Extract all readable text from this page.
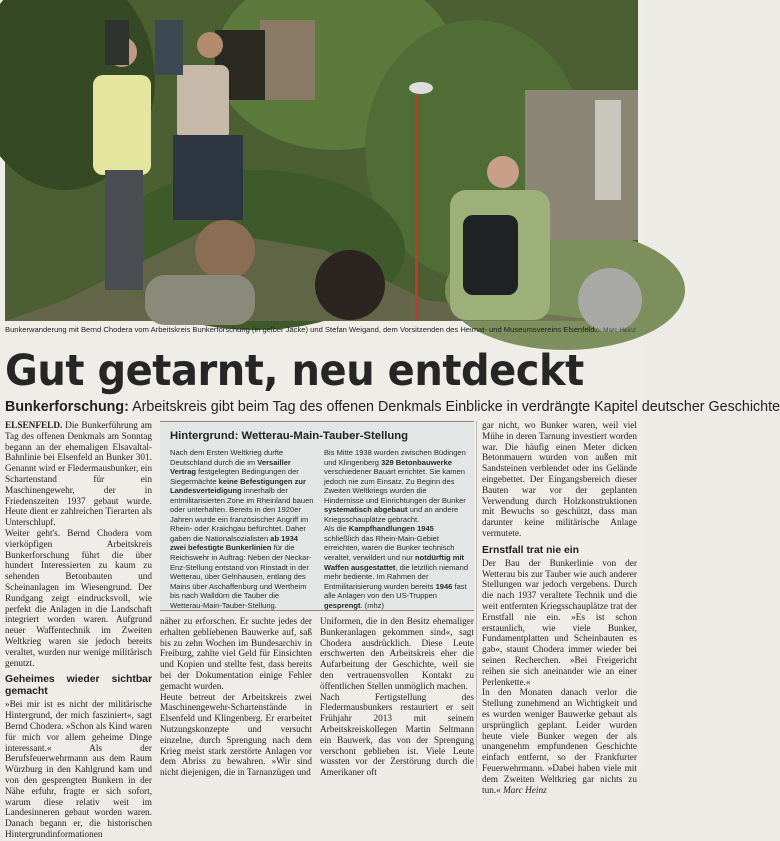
Bunkerwanderung mit Bernd Chodera vom Arbeitskreis Bunkerforschung (in gelber Jacke) und Stefan Weigand, dem Vorsitzenden des Heimat- und Museumsvereins Elsenfeld.
Foto: Marc Heinz
Gut getarnt, neu entdeckt
Bunkerforschung: Arbeitskreis gibt beim Tag des offenen Denkmals Einblicke in verdrängte Kapitel deutscher Geschichte

ELSENFELD. Die Bunkerführung am Tag des offenen Denkmals am Sonntag begann an der ehemaligen Elsavaltal-Bahnlinie bei Elsenfeld an Bunker 301. Genannt wird er Fledermausbunker, ein Schartenstand für ein Maschinengewehr, der in Friedenszeiten 1937 gebaut wurde. Heute dient er zahlreichen Tierarten als Unterschlupf.

Weiter geht's. Bernd Chodera vom vierköpfigen Arbeitskreis Bunkerforschung führt die über hundert Interessierten zu kaum zu sehenden Betonbauten und Scheinanlagen im Wiesengrund. Der Rundgang zeigt eindrucksvoll, wie perfekt die Anlagen in die Landschaft integriert worden waren. Aufgrund neuer Waffentechnik im Zweiten Weltkrieg waren sie jedoch bereits veraltet, wurden nur wenige militärisch genutzt.

Geheimes wieder sichtbar gemacht

»Bei mir ist es nicht der militärische Hintergrund, der mich fasziniert«, sagt Bernd Chodera. »Schon als Kind waren für mich vor allem geheime Dinge interessant.« Als der Berufsfeuerwehrmann aus dem Raum Würzburg in den Kahlgrund kam und von den gesprengten Bunkern in der Nähe erfuhr, fragte er sich sofort, warum diese relativ weit im Landesinneren gebaut worden waren. Danach begann er, die historischen Hintergrundinformationen

Hintergrund: Wetterau-Main-Tauber-Stellung
Nach dem Ersten Weltkrieg durfte Deutschland durch die im Versailler Vertrag festgelegten Bedingungen der Siegermächte keine Befestigungen zur Landesverteidigung innerhalb der entmilitarisierten Zone im Rheinland bauen oder unterhalten. Bereits in den 1920er Jahren wurde ein französischer Angriff im Rhein- oder Kraichgau befürchtet. Daher gaben die Nationalsozialisten ab 1934 zwei befestigte Bunkerlinien für die Reichswehr in Auftrag: Neben der Neckar-Enz-Stellung entstand von Rinstadt in der Wetterau, über Gelnhausen, entlang des Mains über Aschaffenburg und Wertheim bis nach Walldürn die Tauber die Wetterau-Main-Tauber-Stellung.
Bis Mitte 1938 wurden zwischen Büdingen und Klingenberg 329 Betonbauwerke verschiedener Bauart errichtet. Sie kamen jedoch nie zum Einsatz. Zu Beginn des Zweiten Weltkriegs wurden die Hindernisse und Einrichtungen der Bunker systematisch abgebaut und an andere Kriegsschauplätze gebracht.
Als die Kampfhandlungen 1945 schließlich das Rhein-Main-Gebiet erreichten, waren die Bunker technisch veraltet, verwildert und nur notdürftig mit Waffen ausgestattet, die letztlich niemand mehr bediente. Im Rahmen der Entmilitarisierung wurden bereits 1946 fast alle Anlagen von den US-Truppen gesprengt. (mhz)

näher zu erforschen. Er suchte jedes der erhalten gebliebenen Bauwerke auf, saß bis zu zehn Wochen im Bundesarchiv in Freiburg, zahlte viel Geld für Einsichten und Kopien und stellte fest, dass bereits bei der Dokumentation einige Fehler gemacht wurden.

Heute betreut der Arbeitskreis zwei Maschinengewehr-Schartenstände in Elsenfeld und Klingenberg. Er erarbeitet Nutzungskonzepte und versucht einzelne, durch Sprengung nach dem Krieg meist stark zerstörte Anlagen vor dem Abriss zu bewahren. »Wir sind nicht diejenigen, die in Tarnanzügen und

Uniformen, die in den Besitz ehemaliger Bunkeranlagen gekommen sind«, sagt Chodera ausdrücklich. Diese Leute erschwerten den Arbeitskreis eher die Aufarbeitung der Geschichte, weil sie den vertrauensvollen Kontakt zu öffentlichen Stellen unmöglich machen.

Nach Fertigstellung des Fledermausbunkers restauriert er seit Frühjahr 2013 mit seinem Arbeitskreiskollegen Martin Seltmann ein Bauwerk, das von der Sprengung verschont geblieben ist. Viele Leute wussten vor der Zerstörung durch die Amerikaner oft

gar nicht, wo Bunker waren, weil viel Mühe in deren Tarnung investiert worden war. Die häufig einen Meter dicken Betonmauern wurden von außen mit Sandsteinen verblendet oder ins Gelände eingebettet. Der Eingangsbereich dieser Bauten war vor der geplanten Verwendung durch Holzkonstruktionen mit Bewuchs so geschützt, dass man darunter keine militärische Anlage vermutete.

Ernstfall trat nie ein

Der Bau der Bunkerlinie von der Wetterau bis zur Tauber wie auch anderer Stellungen war jedoch vergebens. Durch die nach 1937 veraltete Technik und die weit entfernten Kriegsschauplätze trat der Ernstfall nie ein. »Es ist schon erstaunlich, wie viele Bunker, Fundamentplatten und Scheinbauten es gab«, staunt Chodera immer wieder bei seinen Recherchen. »Bei Freigericht reihen sie sich aneinander wie an einer Perlenkette.«

In den Monaten danach verlor die Stellung zunehmend an Wichtigkeit und es wurden weniger Bauwerke gebaut als ursprünglich geplant. Leider wurden heute viele Bunker wegen der als unangenehm empfundenen Geschichte einfach entfernt, so der Frankfurter Feuerwehrmann. »Dabei haben viele mit dem Zweiten Weltkrieg gar nichts zu tun.« Marc Heinz
